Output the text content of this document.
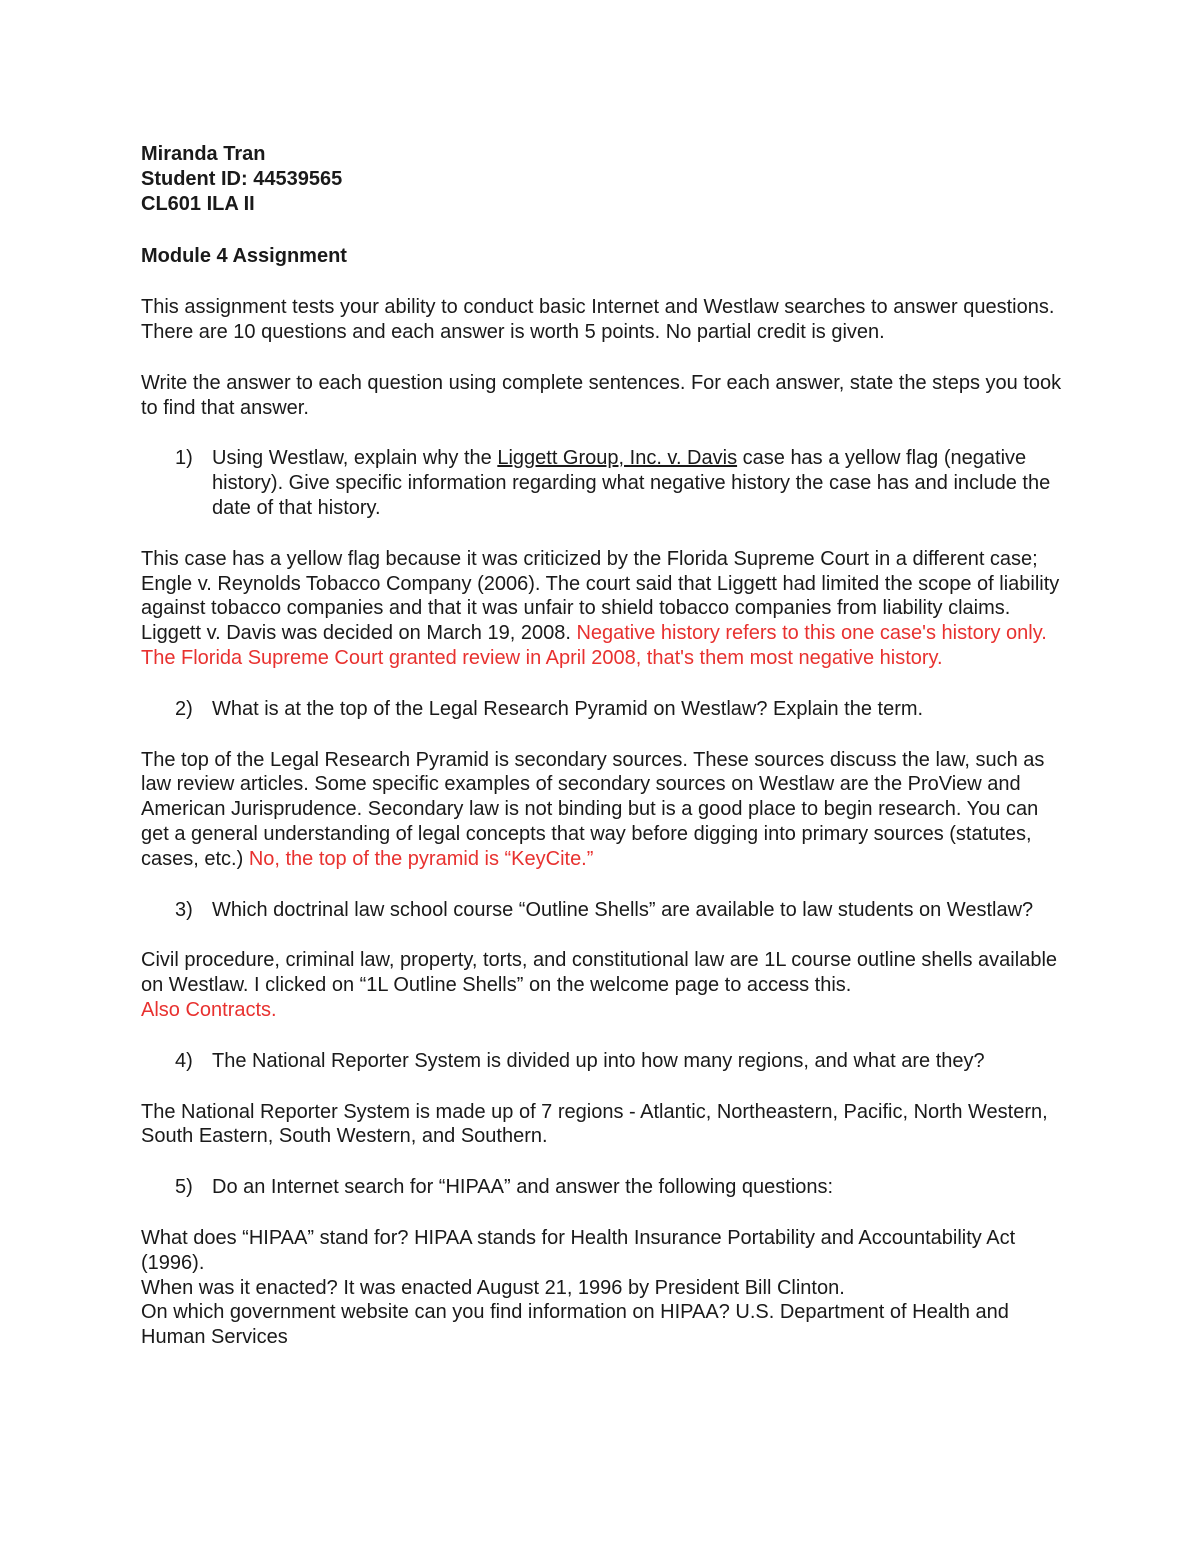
Miranda Tran

Student ID: 44539565

CL601 ILA II

Module 4 Assignment

This assignment tests your ability to conduct basic Internet and Westlaw searches to answer questions. There are 10 questions and each answer is worth 5 points. No partial credit is given.

Write the answer to each question using complete sentences. For each answer, state the steps you took to find that answer.

1) Using Westlaw, explain why the Liggett Group, Inc. v. Davis case has a yellow flag (negative history). Give specific information regarding what negative history the case has and include the date of that history.

This case has a yellow flag because it was criticized by the Florida Supreme Court in a different case; Engle v. Reynolds Tobacco Company (2006). The court said that Liggett had limited the scope of liability against tobacco companies and that it was unfair to shield tobacco companies from liability claims. Liggett v. Davis was decided on March 19, 2008. Negative history refers to this one case's history only. The Florida Supreme Court granted review in April 2008, that's them most negative history.

2) What is at the top of the Legal Research Pyramid on Westlaw? Explain the term.

The top of the Legal Research Pyramid is secondary sources. These sources discuss the law, such as law review articles. Some specific examples of secondary sources on Westlaw are the ProView and American Jurisprudence. Secondary law is not binding but is a good place to begin research. You can get a general understanding of legal concepts that way before digging into primary sources (statutes, cases, etc.) No, the top of the pyramid is “KeyCite.”

3) Which doctrinal law school course “Outline Shells” are available to law students on Westlaw?

Civil procedure, criminal law, property, torts, and constitutional law are 1L course outline shells available on Westlaw. I clicked on “1L Outline Shells” on the welcome page to access this.

Also Contracts.

4) The National Reporter System is divided up into how many regions, and what are they?

The National Reporter System is made up of 7 regions - Atlantic, Northeastern, Pacific, North Western, South Eastern, South Western, and Southern.

5) Do an Internet search for “HIPAA” and answer the following questions:

What does “HIPAA” stand for? HIPAA stands for Health Insurance Portability and Accountability Act (1996).

When was it enacted? It was enacted August 21, 1996 by President Bill Clinton.

On which government website can you find information on HIPAA? U.S. Department of Health and Human Services
